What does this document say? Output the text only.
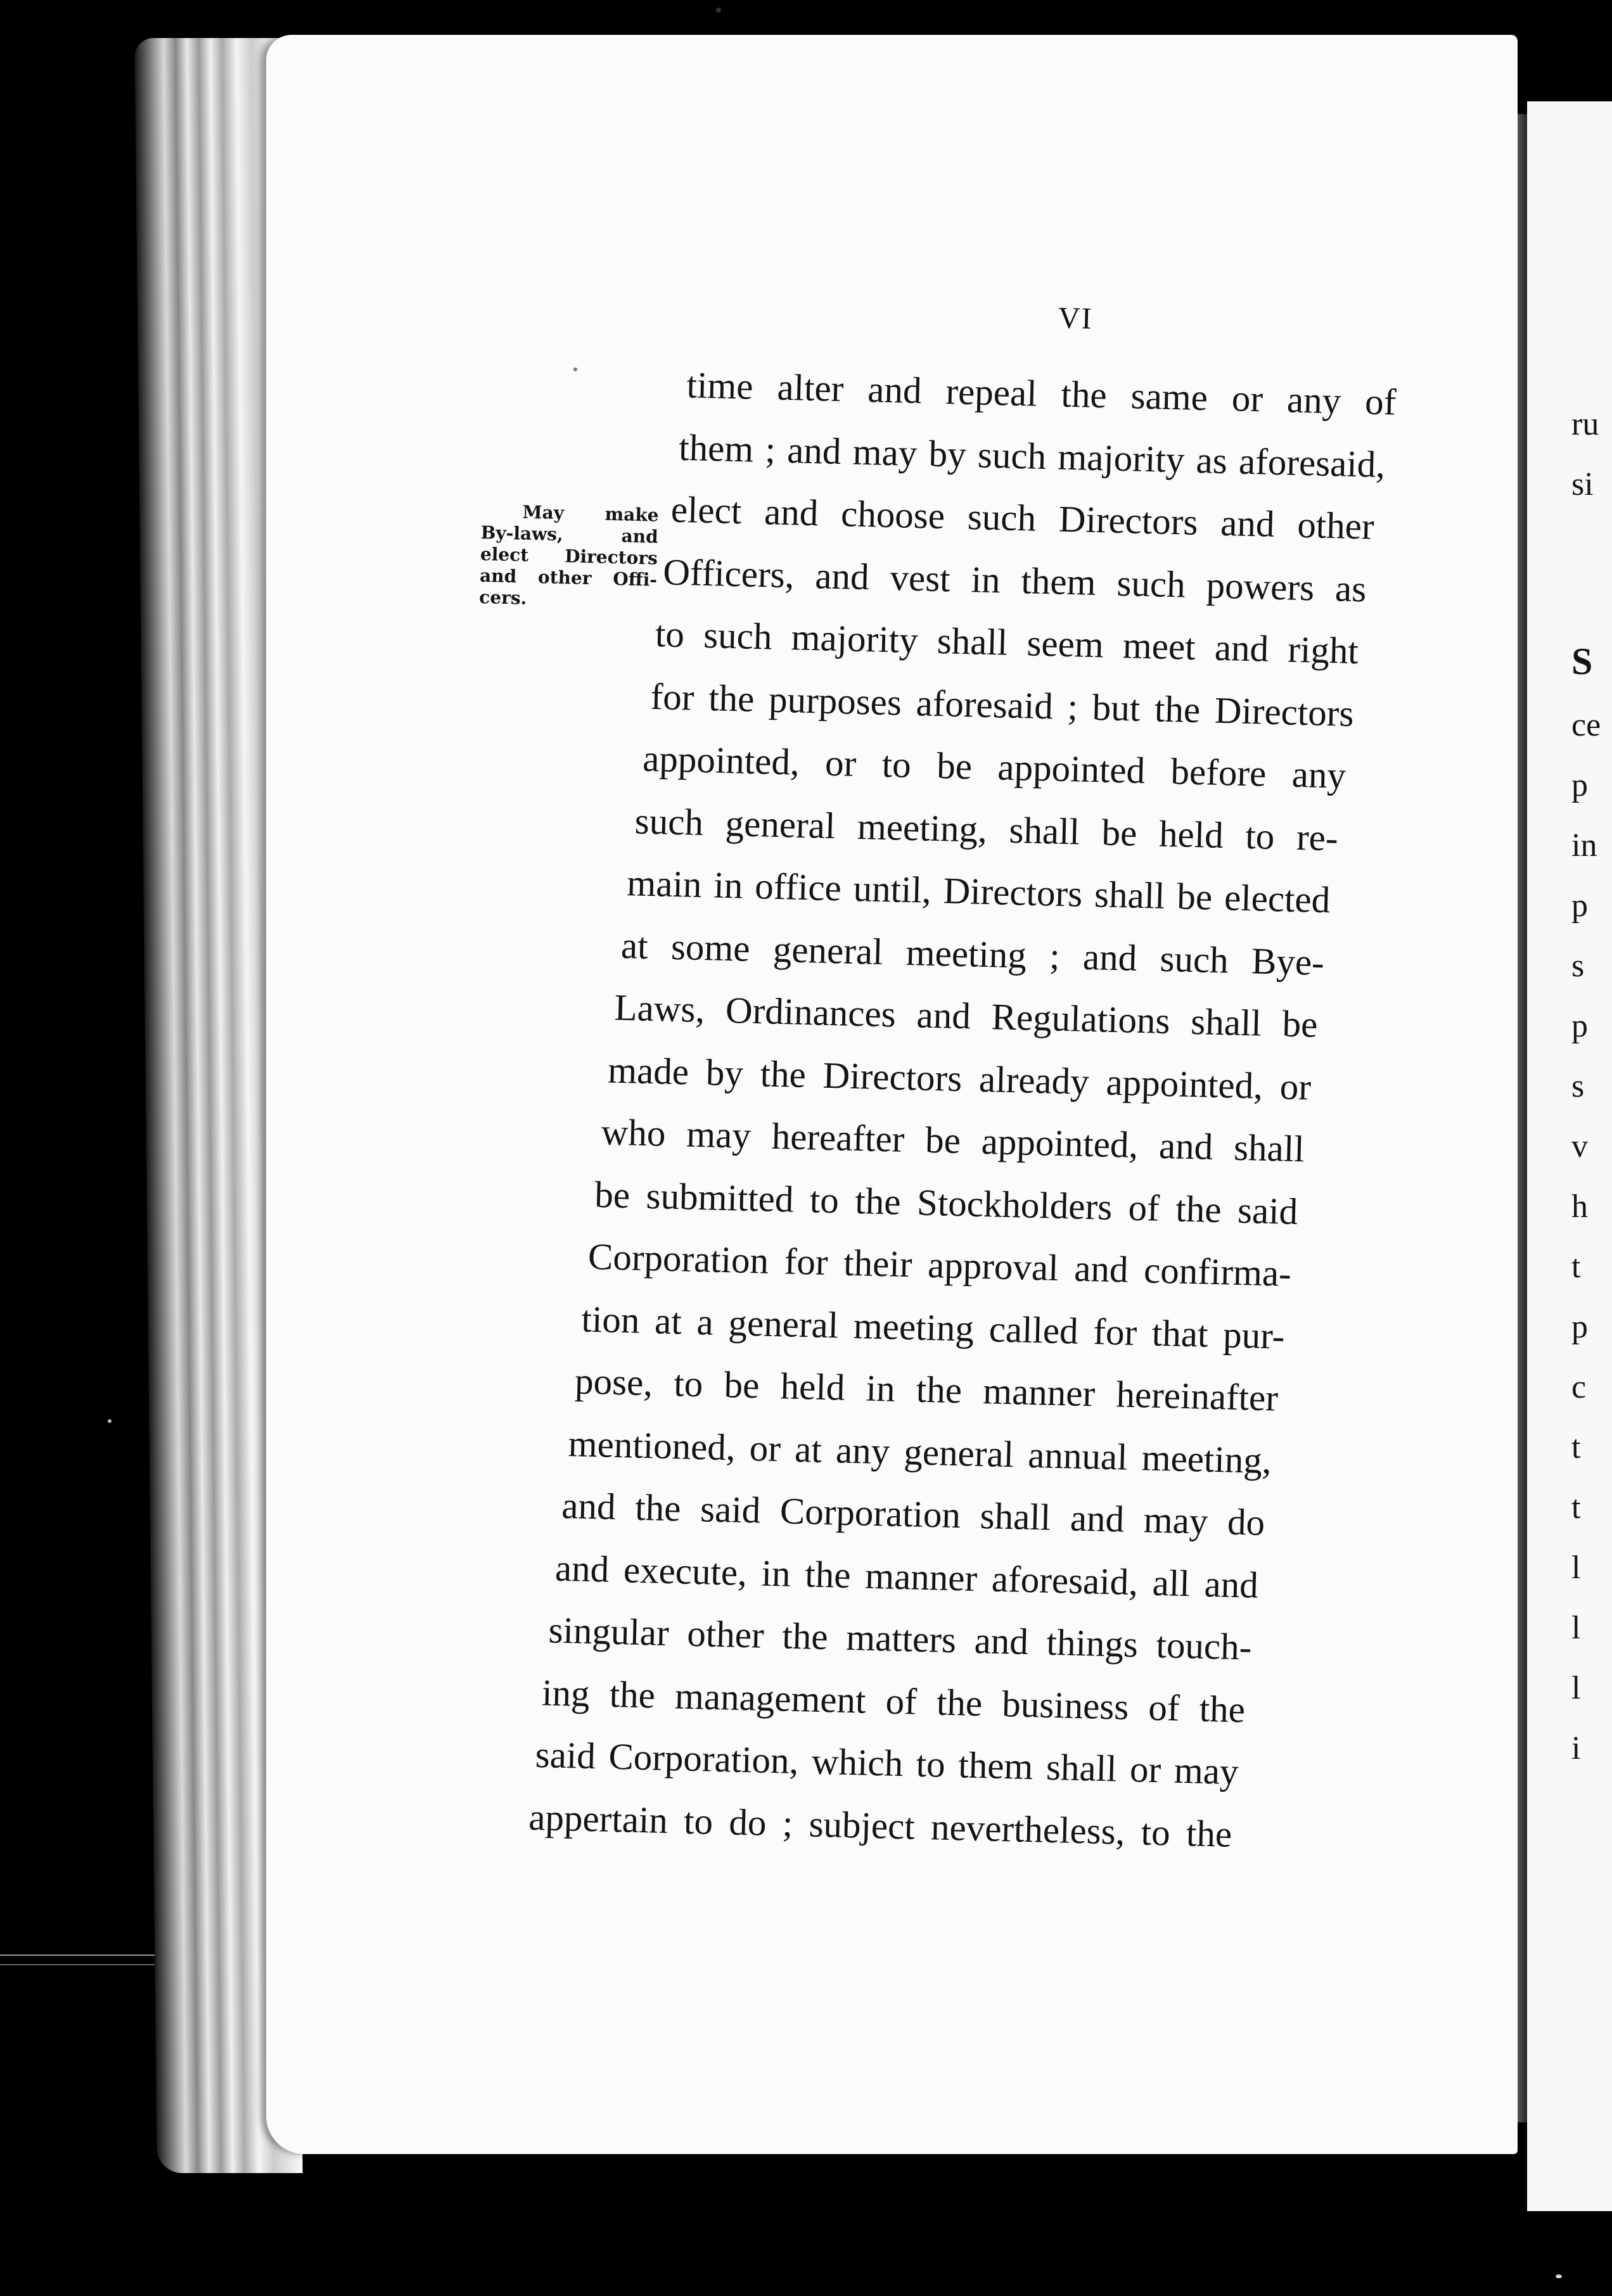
VI
May make
By-laws, and
elect Directors
and other Offi-
cers.
time alter and repeal the same or any of
them ; and may by such majority as aforesaid,
elect and choose such Directors and other
Officers, and vest in them such powers as
to such majority shall seem meet and right
for the purposes aforesaid ; but the Directors
appointed, or to be appointed before any
such general meeting, shall be held to re-
main in office until, Directors shall be elected
at some general meeting ; and such Bye-
Laws, Ordinances and Regulations shall be
made by the Directors already appointed, or
who may hereafter be appointed, and shall
be submitted to the Stockholders of the said
Corporation for their approval and confirma-
tion at a general meeting called for that pur-
pose, to be held in the manner hereinafter
mentioned, or at any general annual meeting,
and the said Corporation shall and may do
and execute, in the manner aforesaid, all and
singular other the matters and things touch-
ing the management of the business of the
said Corporation, which to them shall or may
appertain to do ; subject nevertheless, to the
ru
si
S
ce
p
in
p
s
p
s
v
h
t
p
c
t
t
l
l
l
i
